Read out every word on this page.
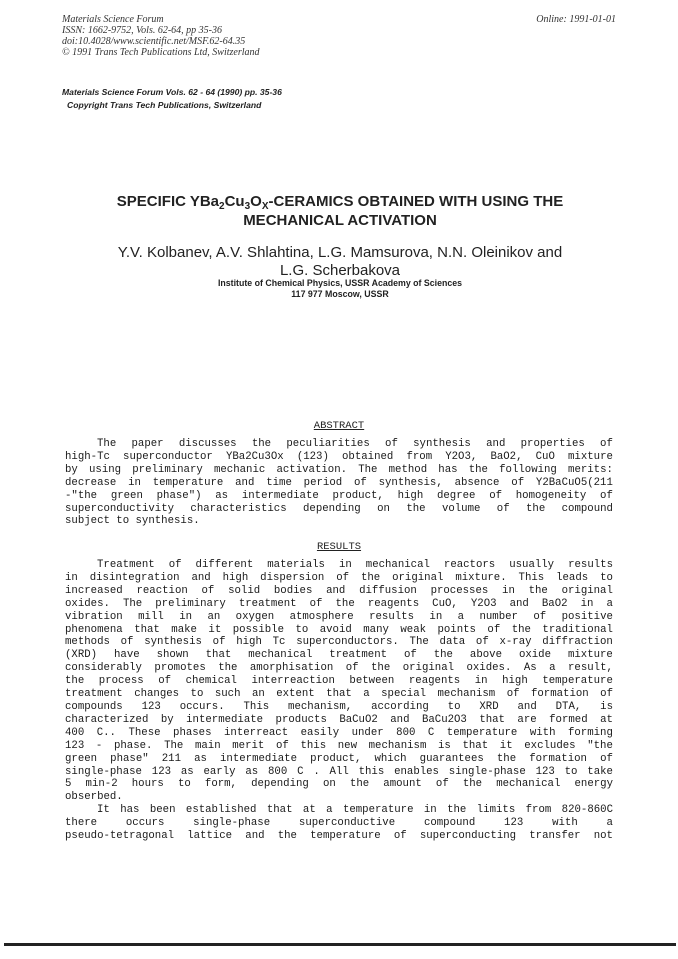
Materials Science Forum
ISSN: 1662-9752, Vols. 62-64, pp 35-36
doi:10.4028/www.scientific.net/MSF.62-64.35
© 1991 Trans Tech Publications Ltd, Switzerland
Online: 1991-01-01
Materials Science Forum Vols. 62 - 64 (1990) pp. 35-36
Copyright Trans Tech Publications, Switzerland
SPECIFIC $YBa_2Cu_3O_X$-CERAMICS OBTAINED WITH USING THE
MECHANICAL ACTIVATION
Y.V. Kolbanev, A.V. Shlahtina, L.G. Mamsurova, N.N. Oleinikov and
L.G. Scherbakova
Institute of Chemical Physics, USSR Academy of Sciences
117 977 Moscow, USSR
ABSTRACT
The paper discusses the peculiarities of synthesis and properties of
high-Tc superconductor YBa2Cu3Ox (123) obtained from Y2O3, BaO2, CuO mixture
by using preliminary mechanic activation. The method has the following merits:
decrease in temperature and time period of synthesis, absence of Y2BaCuO5(211
-"the green phase") as intermediate product, high degree of homogeneity of
superconductivity characteristics depending on the volume of the compound
subject to synthesis.
RESULTS
Treatment of different materials in mechanical reactors usually results
in disintegration and high dispersion of the original mixture. This leads to
increased reaction of solid bodies and diffusion processes in the original
oxides. The preliminary treatment of the reagents CuO, Y2O3 and BaO2 in a
vibration mill in an oxygen atmosphere results in a number of positive
phenomena that make it possible to avoid many weak points of the traditional
methods of synthesis of high Tc superconductors. The data of x-ray diffraction
(XRD) have shown that mechanical treatment of the above oxide mixture
considerably promotes the amorphisation of the original oxides. As a result,
the process of chemical interreaction between reagents in high temperature
treatment changes to such an extent that a special mechanism of formation of
compounds 123 occurs. This mechanism, according to XRD and DTA, is
characterized by intermediate products BaCuO2 and BaCu2O3 that are formed at
400 C.. These phases interreact easily under 800 C temperature with forming
123 - phase. The main merit of this new mechanism is that it excludes "the
green phase" 211 as intermediate product, which guarantees the formation of
single-phase 123 as early as 800 C . All this enables single-phase 123 to take
5 min-2 hours to form, depending on the amount of the mechanical energy
obserbed.
It has been established that at a temperature in the limits from 820-860C
there	occurs	single-phase	superconductive	compound	123	with	a
pseudo-tetragonal lattice and the temperature of superconducting transfer not
